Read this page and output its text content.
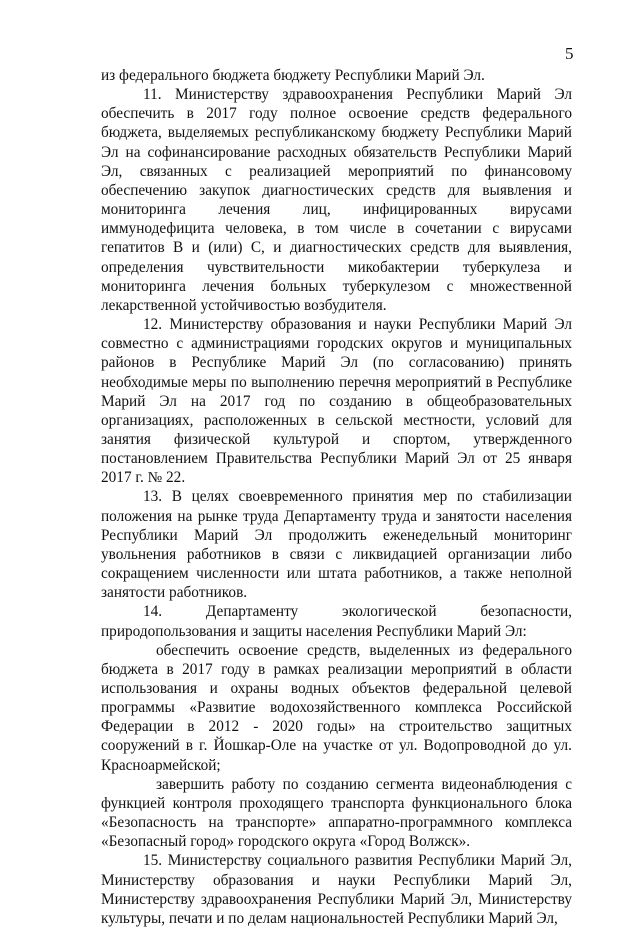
5

из федерального бюджета бюджету Республики Марий Эл.

11. Министерству здравоохранения Республики Марий Эл обеспечить в 2017 году полное освоение средств федерального бюджета, выделяемых республиканскому бюджету Республики Марий Эл на софинансирование расходных обязательств Республики Марий Эл, связанных с реализацией мероприятий по финансовому обеспечению закупок диагностических средств для выявления и мониторинга лечения лиц, инфицированных вирусами иммунодефицита человека, в том числе в сочетании с вирусами гепатитов В и (или) С, и диагностических средств для выявления, определения чувствительности микобактерии туберкулеза и мониторинга лечения больных туберкулезом с множественной лекарственной устойчивостью возбудителя.

12. Министерству образования и науки Республики Марий Эл совместно с администрациями городских округов и муниципальных районов в Республике Марий Эл (по согласованию) принять необходимые меры по выполнению перечня мероприятий в Республике Марий Эл на 2017 год по созданию в общеобразовательных организациях, расположенных в сельской местности, условий для занятия физической культурой и спортом, утвержденного постановлением Правительства Республики Марий Эл от 25 января 2017 г. № 22.

13. В целях своевременного принятия мер по стабилизации положения на рынке труда Департаменту труда и занятости населения Республики Марий Эл продолжить еженедельный мониторинг увольнения работников в связи с ликвидацией организации либо сокращением численности или штата работников, а также неполной занятости работников.

14. Департаменту экологической безопасности, природопользования и защиты населения Республики Марий Эл:

обеспечить освоение средств, выделенных из федерального бюджета в 2017 году в рамках реализации мероприятий в области использования и охраны водных объектов федеральной целевой программы «Развитие водохозяйственного комплекса Российской Федерации в 2012 - 2020 годы» на строительство защитных сооружений в г. Йошкар-Оле на участке от ул. Водопроводной до ул. Красноармейской;

завершить работу по созданию сегмента видеонаблюдения с функцией контроля проходящего транспорта функционального блока «Безопасность на транспорте» аппаратно-программного комплекса «Безопасный город» городского округа «Город Волжск».

15. Министерству социального развития Республики Марий Эл, Министерству образования и науки Республики Марий Эл, Министерству здравоохранения Республики Марий Эл, Министерству культуры, печати и по делам национальностей Республики Марий Эл,
